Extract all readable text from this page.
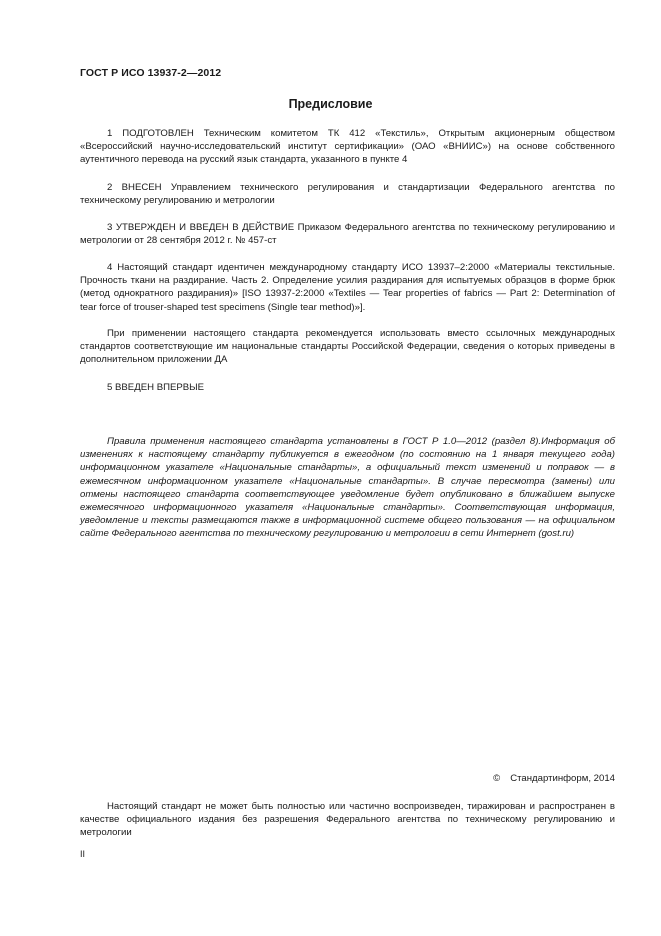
ГОСТ Р ИСО 13937-2—2012
Предисловие

1 ПОДГОТОВЛЕН Техническим комитетом ТК 412 «Текстиль», Открытым акционерным обществом «Всероссийский научно-исследовательский институт сертификации» (ОАО «ВНИИС») на основе собственного аутентичного перевода на русский язык стандарта, указанного в пункте 4

2 ВНЕСЕН Управлением технического регулирования и стандартизации Федерального агентства по техническому регулированию и метрологии

3 УТВЕРЖДЕН И ВВЕДЕН В ДЕЙСТВИЕ Приказом Федерального агентства по техническому регулированию и метрологии от 28 сентября 2012 г. № 457-ст

4 Настоящий стандарт идентичен международному стандарту ИСО 13937–2:2000 «Материалы текстильные. Прочность ткани на раздирание. Часть 2. Определение усилия раздирания для испытуемых образцов в форме брюк (метод однократного раздирания)» [ISO 13937-2:2000 «Textiles — Tear properties of fabrics — Part 2: Determination of tear force of trouser-shaped test specimens (Single tear method)»].

При применении настоящего стандарта рекомендуется использовать вместо ссылочных международных стандартов соответствующие им национальные стандарты Российской Федерации, сведения о которых приведены в дополнительном приложении ДА

5 ВВЕДЕН ВПЕРВЫЕ

Правила применения настоящего стандарта установлены в ГОСТ Р 1.0—2012 (раздел 8).Информация об изменениях к настоящему стандарту публикуется в ежегодном (по состоянию на 1 января текущего года) информационном указателе «Национальные стандарты», а официальный текст изменений и поправок — в ежемесячном информационном указателе «Национальные стандарты». В случае пересмотра (замены) или отмены настоящего стандарта соответствующее уведомление будет опубликовано в ближайшем выпуске ежемесячного информационного указателя «Национальные стандарты». Соответствующая информация, уведомление и тексты размещаются также в информационной системе общего пользования — на официальном сайте Федерального агентства по техническому регулированию и метрологии в сети Интернет (gost.ru)

© Стандартинформ, 2014

Настоящий стандарт не может быть полностью или частично воспроизведен, тиражирован и распространен в качестве официального издания без разрешения Федерального агентства по техническому регулированию и метрологии

II
